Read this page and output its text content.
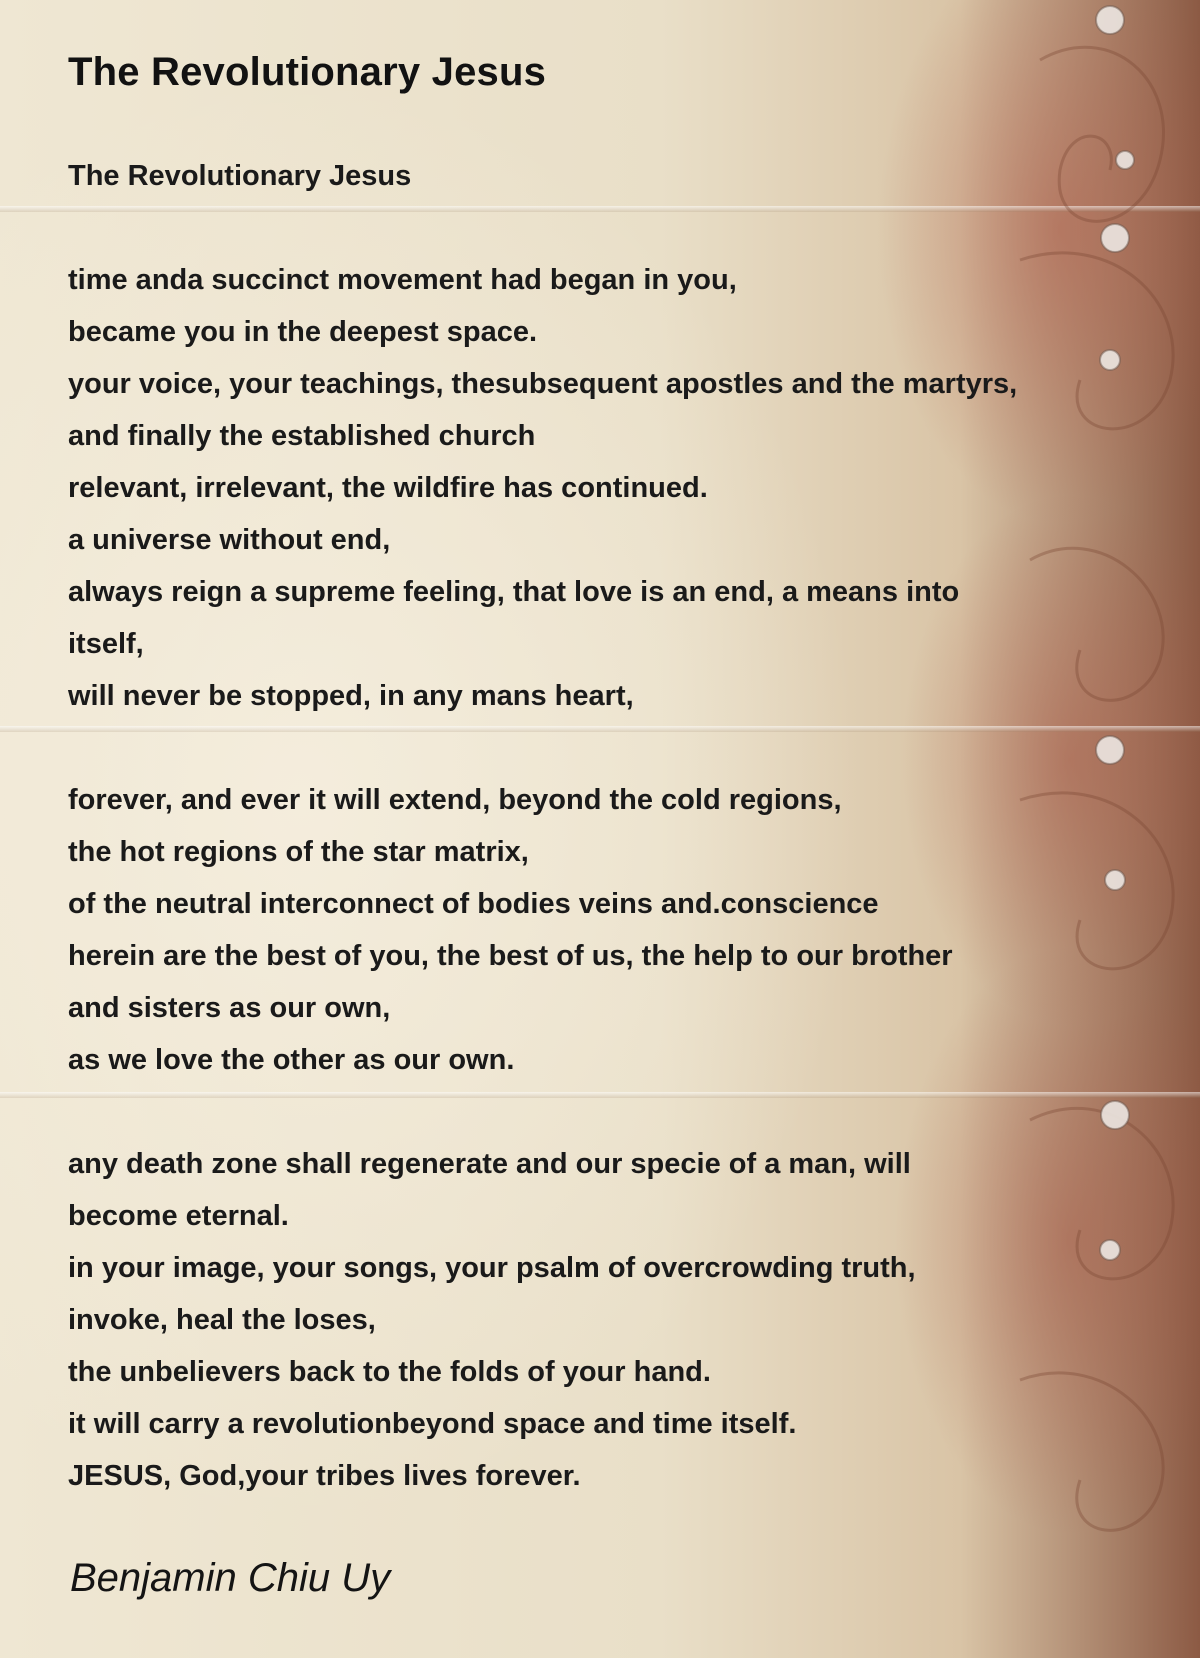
The Revolutionary Jesus
The Revolutionary Jesus
time anda succinct movement had began in you,
became you in the deepest space.
your voice, your teachings, thesubsequent apostles and the martyrs,
and finally the established church
relevant, irrelevant, the wildfire has continued.
a universe without end,
always reign a supreme feeling, that love is an end, a means into
itself,
will never be stopped, in any mans heart,
forever, and ever it will extend, beyond the cold regions,
the hot regions of the star matrix,
of the neutral interconnect of bodies veins and.conscience
herein are the best of you, the best of us, the help to our brother
and sisters as our own,
as we love the other as our own.
any death zone shall regenerate and our specie of a man, will
become eternal.
in your image, your songs, your psalm of overcrowding truth,
invoke, heal the loses,
the unbelievers back to the folds of your hand.
it will carry a revolutionbeyond space and time itself.
JESUS, God,your tribes lives forever.
Benjamin Chiu Uy
